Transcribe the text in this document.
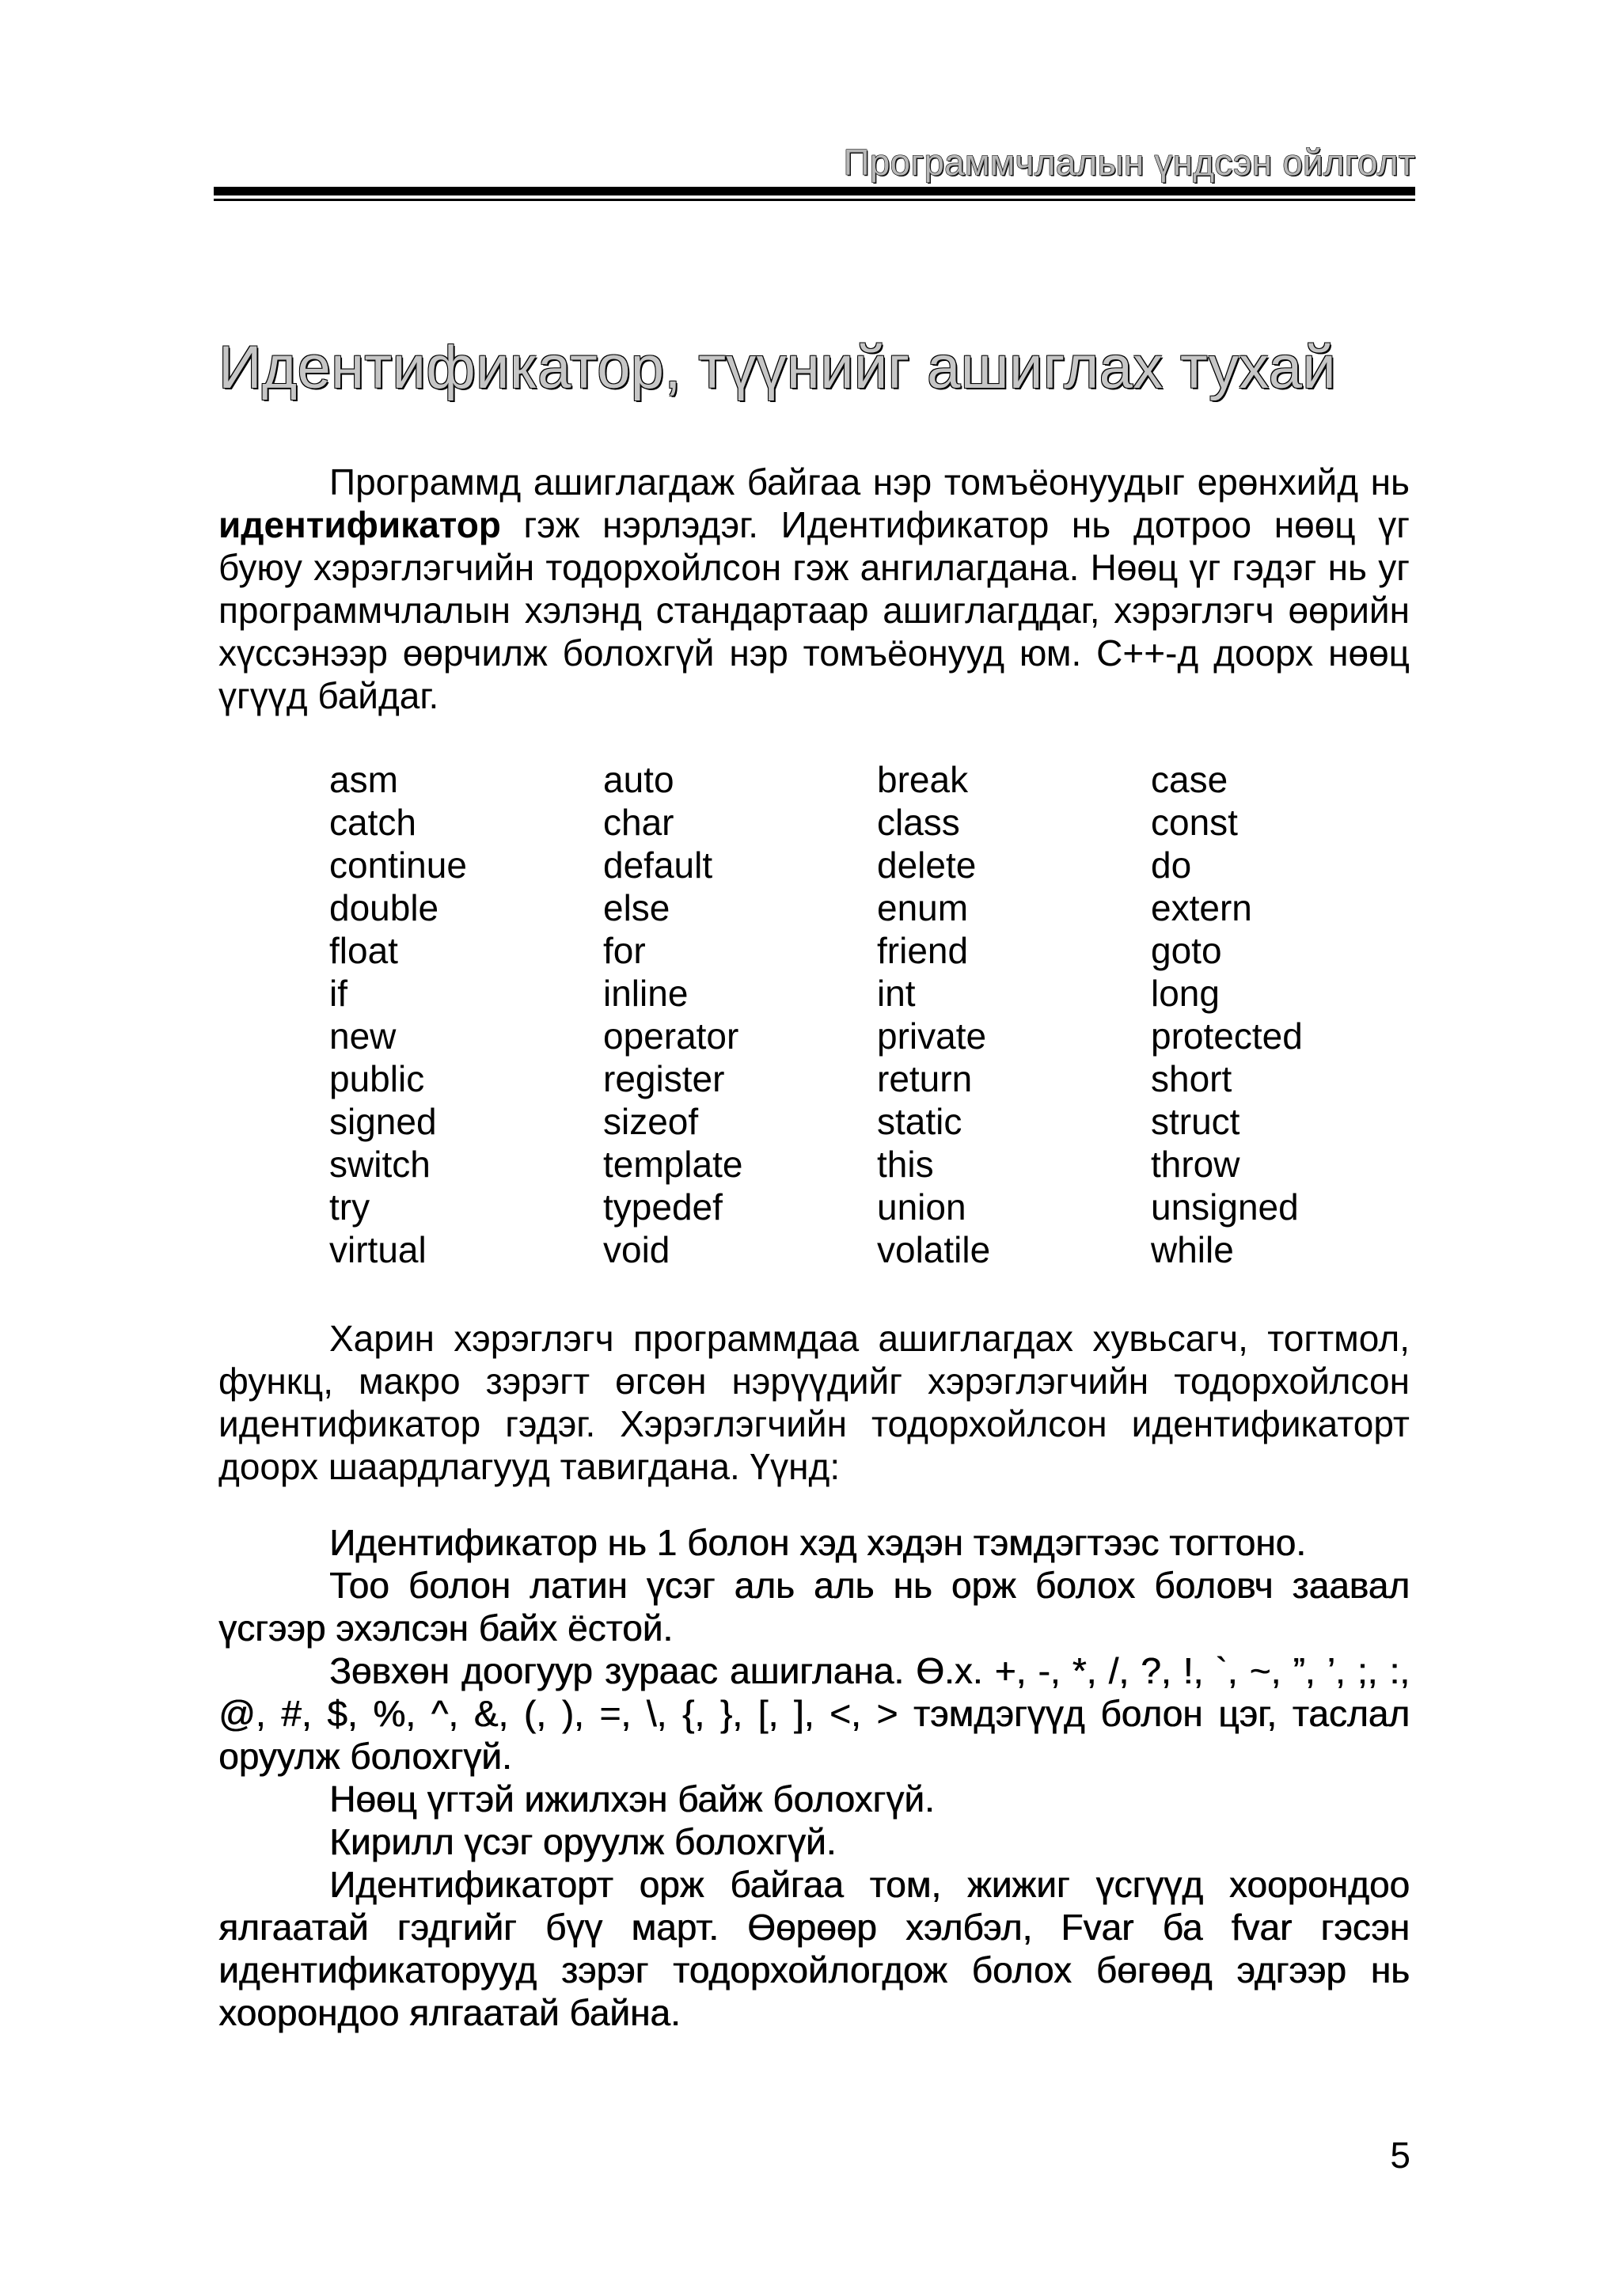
Программчлалын үндсэн ойлголт
Идентификатор, түүнийг ашиглах тухай

Программд ашиглагдаж байгаа нэр томъёонуудыг ерөнхийд нь идентификатор гэж нэрлэдэг. Идентификатор нь дотроо нөөц үг буюу хэрэглэгчийн тодорхойлсон гэж ангилагдана. Нөөц үг гэдэг нь уг программчлалын хэлэнд стандартаар ашиглагддаг, хэрэглэгч өөрийн хүссэнээр өөрчилж болохгүй нэр томъёонууд юм. C++-д доорх нөөц үгүүд байдаг.

asm	auto	break	case
catch	char	class	const
continue	default	delete	do
double	else	enum	extern
float	for	friend	goto
if	inline	int	long
new	operator	private	protected
public	register	return	short
signed	sizeof	static	struct
switch	template	this	throw
try	typedef	union	unsigned
virtual	void	volatile	while

Харин хэрэглэгч программдаа ашиглагдах хувьсагч, тогтмол, функц, макро зэрэгт өгсөн нэрүүдийг хэрэглэгчийн тодорхойлсон идентификатор гэдэг. Хэрэглэгчийн тодорхойлсон идентификаторт доорх шаардлагууд тавигдана. Үүнд:

Идентификатор нь 1 болон хэд хэдэн тэмдэгтээс тогтоно.

Тоо болон латин үсэг аль аль нь орж болох боловч заавал үсгээр эхэлсэн байх ёстой.

Зөвхөн доогуур зураас ашиглана. Ө.х. +, -, *, /, ?, !, `, ~, ”, ’, ;, :, @, #, $, %, ^, &, (, ), =, \, {, }, [, ], <, > тэмдэгүүд болон цэг, таслал оруулж болохгүй.

Нөөц үгтэй ижилхэн байж болохгүй.

Кирилл үсэг оруулж болохгүй.

Идентификаторт орж байгаа том, жижиг үсгүүд хоорондоо ялгаатай гэдгийг бүү март. Өөрөөр хэлбэл, Fvar ба fvar гэсэн идентификаторууд зэрэг тодорхойлогдож болох бөгөөд эдгээр нь хоорондоо ялгаатай байна.

5
